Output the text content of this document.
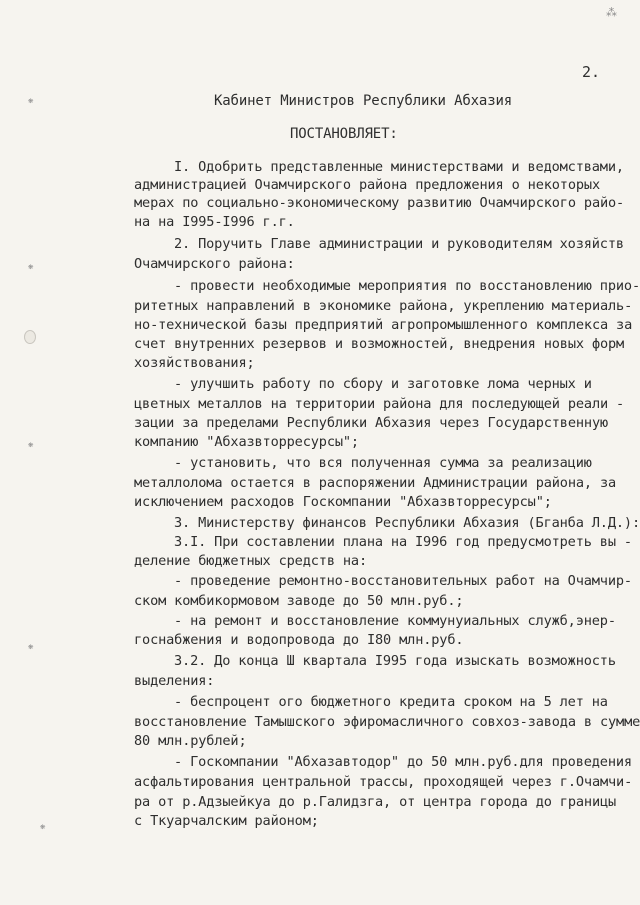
❋
❋
❋
❋
❋
⁂
2.
Кабинет Министров Республики Абхазия
ПОСТАНОВЛЯЕТ:
I. Одобрить представленные министерствами и ведомствами,
администрацией Очамчирского района предложения о некоторых
мерах по социально-экономическому развитию Очамчирского райо-
на на I995-I996 г.г.
2. Поручить Главе администрации и руководителям хозяйств
Очамчирского района:
- провести необходимые мероприятия по восстановлению прио-
ритетных направлений в экономике района, укреплению материаль-
но-технической базы предприятий агропромышленного комплекса за
счет внутренних резервов и возможностей, внедрения новых форм
хозяйствования;
- улучшить работу по сбору и заготовке лома черных и
цветных металлов на территории района для последующей реали -
зации за пределами Республики Абхазия через Государственную
компанию "Абхазвторресурсы";
- установить, что вся полученная сумма за реализацию
металлолома остается в распоряжении Администрации района, за
исключением расходов Госкомпании "Абхазвторресурсы";
3. Министерству финансов Республики Абхазия (Бганба Л.Д.):
3.I. При составлении плана на I996 год предусмотреть вы -
деление бюджетных средств на:
- проведение ремонтно-восстановительных работ на Очамчир-
ском комбикормовом заводе до 50 млн.руб.;
- на ремонт и восстановление коммунуиальных служб,энер-
госнабжения и водопровода до I80 млн.руб.
3.2. До конца Ш квартала I995 года изыскать возможность
выделения:
- беспроцент ого бюджетного кредита сроком на 5 лет на
восстановление Тамышского эфиромасличного совхоз-завода в сумме
80 млн.рублей;
- Госкомпании "Абхазавтодор" до 50 млн.руб.для проведения
асфальтирования центральной трассы, проходящей через г.Очамчи-
ра от р.Адзыейкуа до р.Галидзга, от центра города до границы
с Ткуарчалским районом;
